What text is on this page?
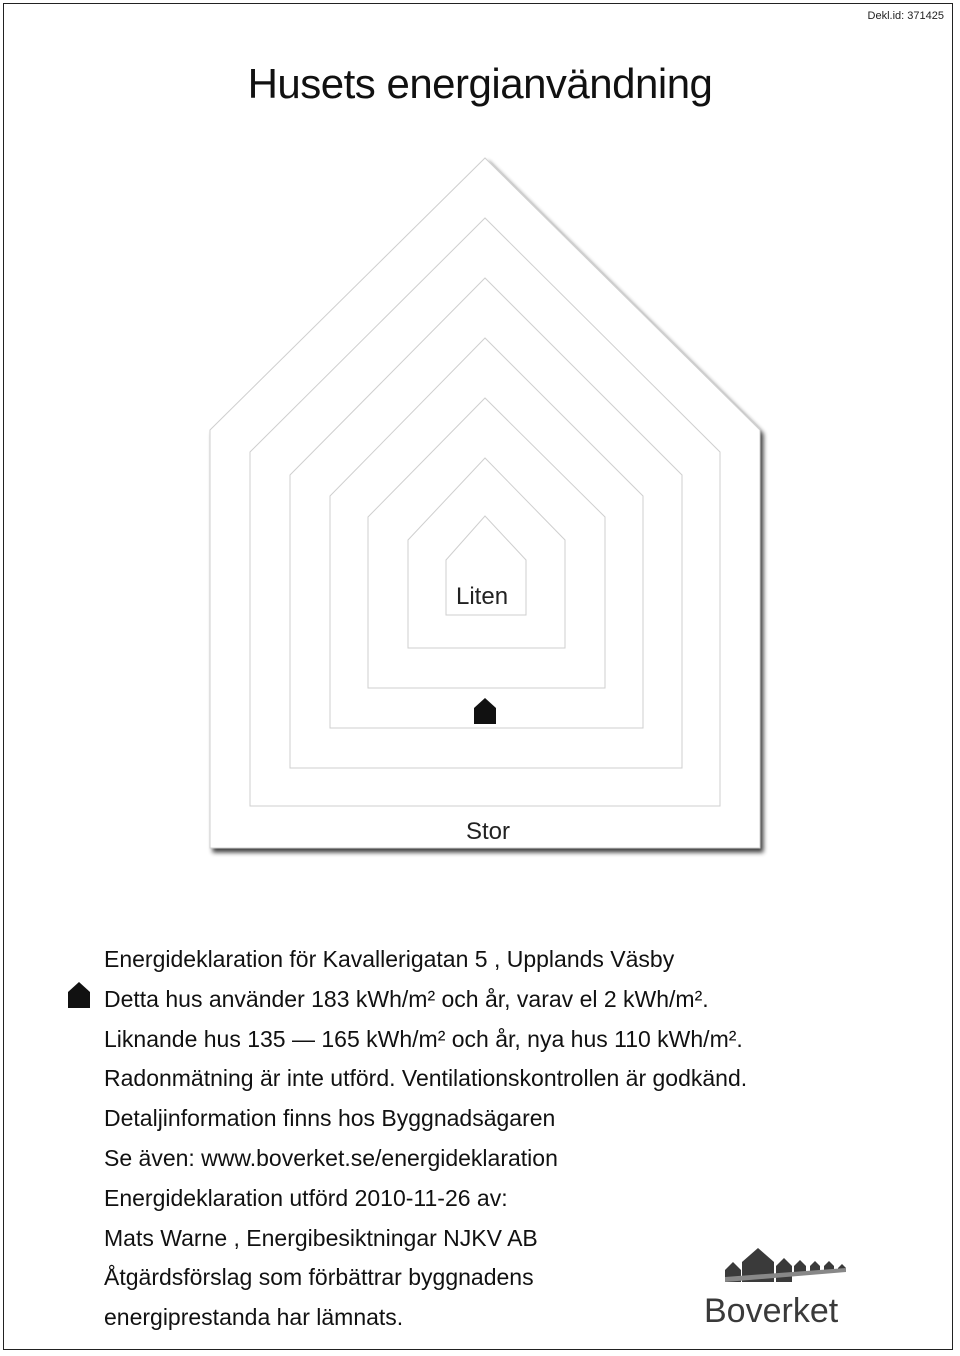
Dekl.id: 371425
Husets energianvändning
Liten
Stor
Energideklaration för Kavallerigatan 5 , Upplands Väsby
Detta hus använder 183 kWh/m² och år, varav el 2 kWh/m².
Liknande hus 135 — 165 kWh/m² och år, nya hus 110 kWh/m².
Radonmätning är inte utförd. Ventilationskontrollen är godkänd.
Detaljinformation finns hos Byggnadsägaren
Se även: www.boverket.se/energideklaration
Energideklaration utförd 2010-11-26 av:
Mats Warne , Energibesiktningar NJKV AB
Åtgärdsförslag som förbättrar byggnadens
energiprestanda har lämnats.	Boverket
